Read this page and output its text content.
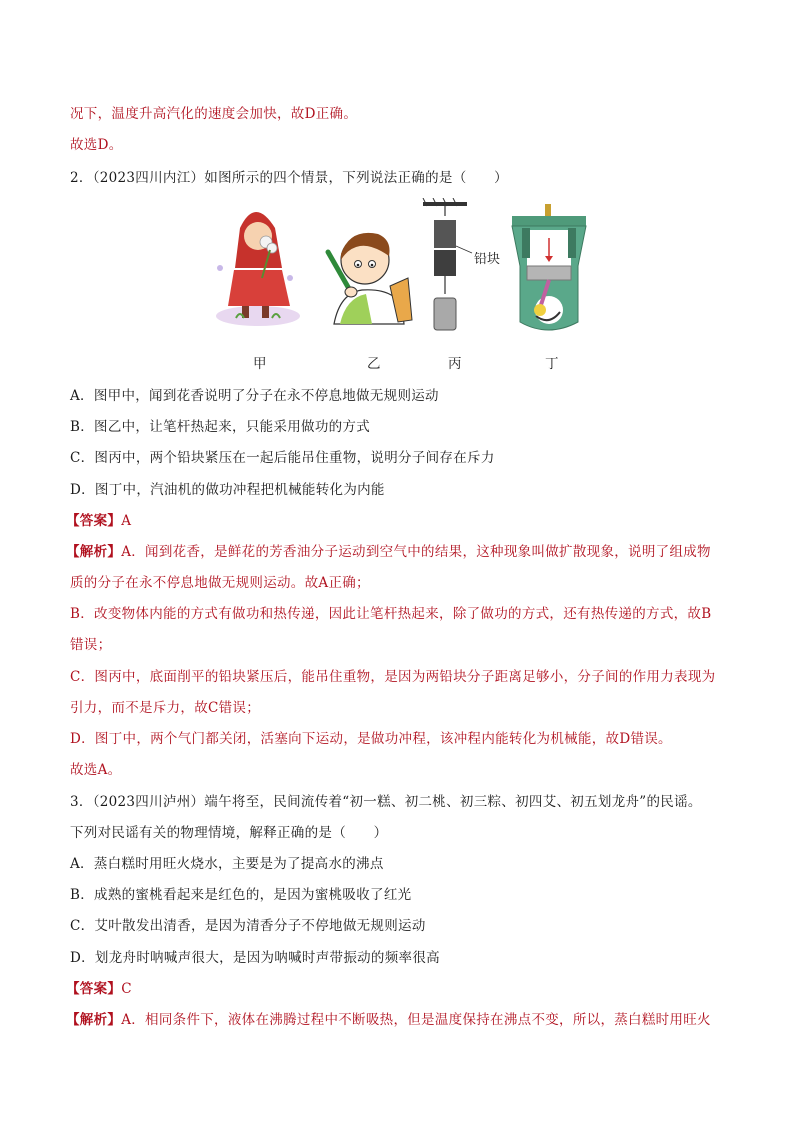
况下，温度升高汽化的速度会加快，故D正确。
故选D。
2．（2023四川内江）如图所示的四个情景，下列说法正确的是（　　）
铅块
甲	乙	丙	丁
A．图甲中，闻到花香说明了分子在永不停息地做无规则运动
B．图乙中，让笔杆热起来，只能采用做功的方式
C．图丙中，两个铅块紧压在一起后能吊住重物，说明分子间存在斥力
D．图丁中，汽油机的做功冲程把机械能转化为内能
【答案】A
【解析】A．闻到花香，是鲜花的芳香油分子运动到空气中的结果，这种现象叫做扩散现象，说明了组成物
质的分子在永不停息地做无规则运动。故A正确；
B．改变物体内能的方式有做功和热传递，因此让笔杆热起来，除了做功的方式，还有热传递的方式，故B
错误；
C．图丙中，底面削平的铅块紧压后，能吊住重物，是因为两铅块分子距离足够小，分子间的作用力表现为
引力，而不是斥力，故C错误；
D．图丁中，两个气门都关闭，活塞向下运动，是做功冲程，该冲程内能转化为机械能，故D错误。
故选A。
3．（2023四川泸州）端午将至，民间流传着“初一糕、初二桃、初三粽、初四艾、初五划龙舟”的民谣。
下列对民谣有关的物理情境，解释正确的是（　　）
A．蒸白糕时用旺火烧水，主要是为了提高水的沸点
B．成熟的蜜桃看起来是红色的，是因为蜜桃吸收了红光
C．艾叶散发出清香，是因为清香分子不停地做无规则运动
D．划龙舟时呐喊声很大，是因为呐喊时声带振动的频率很高
【答案】C
【解析】A．相同条件下，液体在沸腾过程中不断吸热，但是温度保持在沸点不变，所以，蒸白糕时用旺火
